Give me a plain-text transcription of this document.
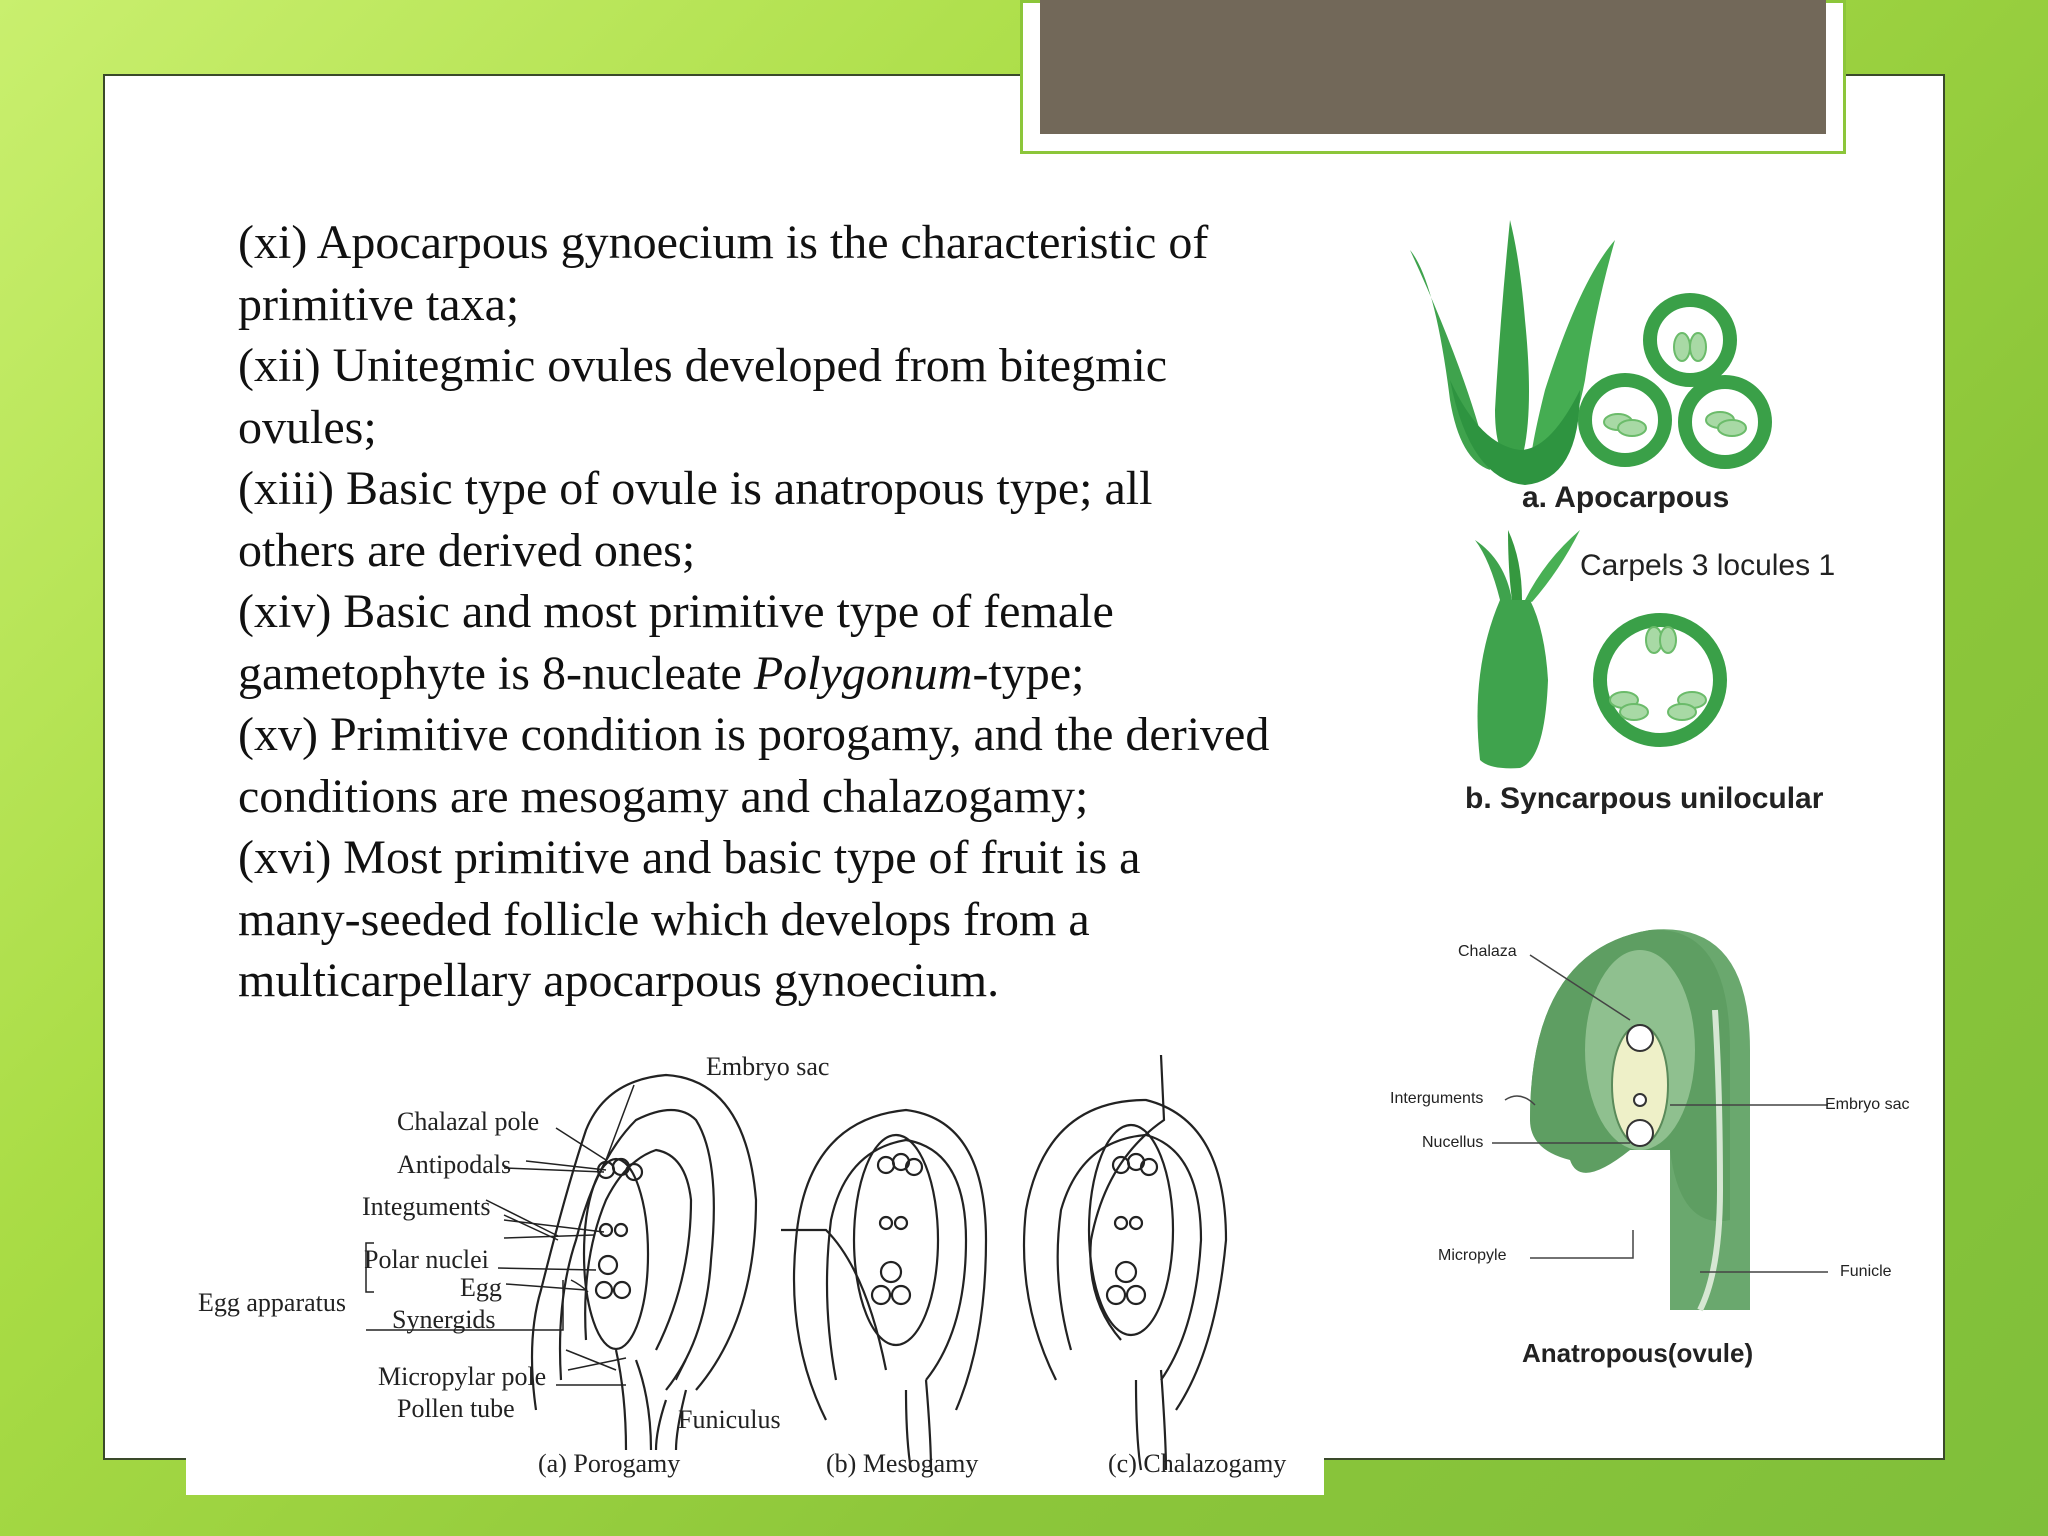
(xi) Apocarpous gynoecium is the characteristic of

primitive taxa;

(xii) Unitegmic ovules developed from bitegmic

ovules;

(xiii) Basic type of ovule is anatropous type; all

others are derived ones;

(xiv) Basic and most primitive type of female

gametophyte is 8-nucleate Polygonum-type;

(xv) Primitive condition is porogamy, and the derived

conditions are mesogamy and chalazogamy;

(xvi) Most primitive and basic type of fruit is a

many-seeded follicle which develops from a

multicarpellary apocarpous gynoecium.

a. Apocarpous
Carpels 3 locules 1
b. Syncarpous unilocular
Chalaza
Interguments
Nucellus
Micropyle
Embryo sac
Funicle
Anatropous(ovule)
Chalazal pole
Antipodals
Integuments
Polar nuclei
Egg
Synergids
Egg apparatus
Micropylar pole
Pollen tube
Embryo sac
Funiculus
(a) Porogamy	(b) Mesogamy	(c) Chalazogamy
